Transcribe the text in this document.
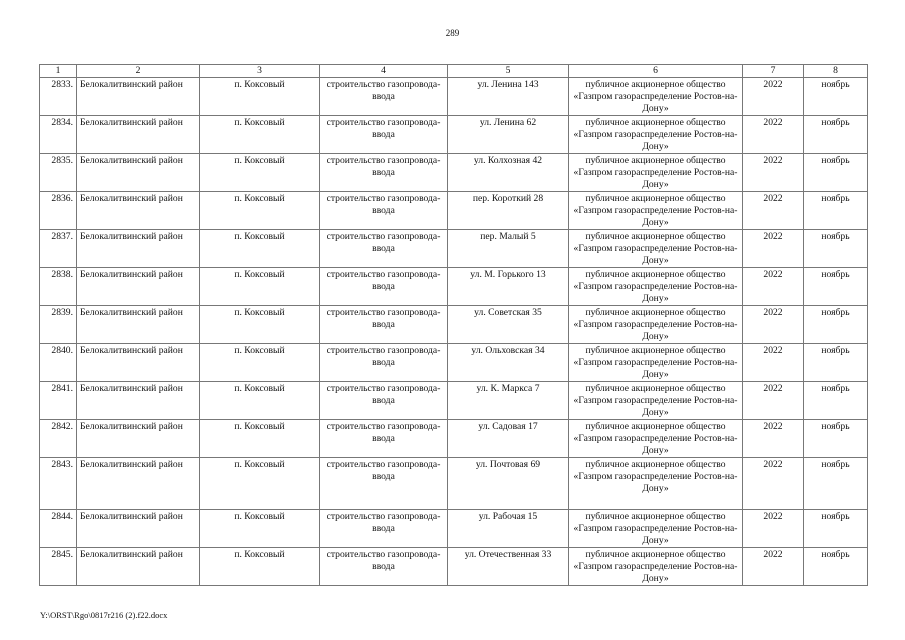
289
1	2	3	4	5	6	7	8
2833.	Белокалитвинский район	п. Коксовый	строительство газопровода-ввода	ул. Ленина 143	публичное акционерное общество «Газпром газораспределение Ростов-на-Дону»	2022	ноябрь
2834.	Белокалитвинский район	п. Коксовый	строительство газопровода-ввода	ул. Ленина 62	публичное акционерное общество «Газпром газораспределение Ростов-на-Дону»	2022	ноябрь
2835.	Белокалитвинский район	п. Коксовый	строительство газопровода-ввода	ул. Колхозная 42	публичное акционерное общество «Газпром газораспределение Ростов-на-Дону»	2022	ноябрь
2836.	Белокалитвинский район	п. Коксовый	строительство газопровода-ввода	пер. Короткий 28	публичное акционерное общество «Газпром газораспределение Ростов-на-Дону»	2022	ноябрь
2837.	Белокалитвинский район	п. Коксовый	строительство газопровода-ввода	пер. Малый 5	публичное акционерное общество «Газпром газораспределение Ростов-на-Дону»	2022	ноябрь
2838.	Белокалитвинский район	п. Коксовый	строительство газопровода-ввода	ул. М. Горького 13	публичное акционерное общество «Газпром газораспределение Ростов-на-Дону»	2022	ноябрь
2839.	Белокалитвинский район	п. Коксовый	строительство газопровода-ввода	ул. Советская 35	публичное акционерное общество «Газпром газораспределение Ростов-на-Дону»	2022	ноябрь
2840.	Белокалитвинский район	п. Коксовый	строительство газопровода-ввода	ул. Ольховская 34	публичное акционерное общество «Газпром газораспределение Ростов-на-Дону»	2022	ноябрь
2841.	Белокалитвинский район	п. Коксовый	строительство газопровода-ввода	ул. К. Маркса 7	публичное акционерное общество «Газпром газораспределение Ростов-на-Дону»	2022	ноябрь
2842.	Белокалитвинский район	п. Коксовый	строительство газопровода-ввода	ул. Садовая 17	публичное акционерное общество «Газпром газораспределение Ростов-на-Дону»	2022	ноябрь
2843.	Белокалитвинский район	п. Коксовый	строительство газопровода-ввода	ул. Почтовая 69	публичное акционерное общество «Газпром газораспределение Ростов-на-Дону»	2022	ноябрь
2844.	Белокалитвинский район	п. Коксовый	строительство газопровода-ввода	ул. Рабочая 15	публичное акционерное общество «Газпром газораспределение Ростов-на-Дону»	2022	ноябрь
2845.	Белокалитвинский район	п. Коксовый	строительство газопровода-ввода	ул. Отечественная 33	публичное акционерное общество «Газпром газораспределение Ростов-на-Дону»	2022	ноябрь
Y:\ORST\Rgo\0817r216 (2).f22.docx
